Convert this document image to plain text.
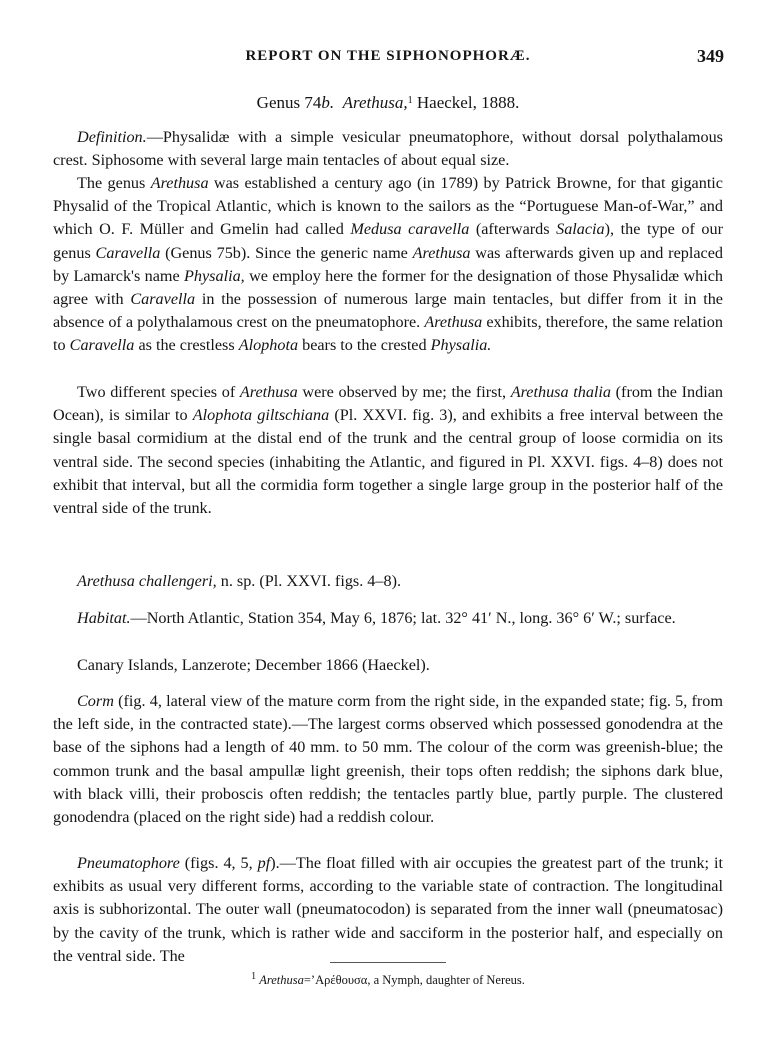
REPORT ON THE SIPHONOPHORÆ.	349
Genus 74b. Arethusa,$^1$ Haeckel, 1888.

Definition.—Physalidæ with a simple vesicular pneumatophore, without dorsal polythalamous crest. Siphosome with several large main tentacles of about equal size.

The genus Arethusa was established a century ago (in 1789) by Patrick Browne, for that gigantic Physalid of the Tropical Atlantic, which is known to the sailors as the “Portuguese Man-of-War,” and which O. F. Müller and Gmelin had called Medusa caravella (afterwards Salacia), the type of our genus Caravella (Genus 75b). Since the generic name Arethusa was afterwards given up and replaced by Lamarck's name Physalia, we employ here the former for the designation of those Physalidæ which agree with Caravella in the possession of numerous large main tentacles, but differ from it in the absence of a polythalamous crest on the pneumatophore. Arethusa exhibits, therefore, the same relation to Caravella as the crestless Alophota bears to the crested Physalia.

Two different species of Arethusa were observed by me; the first, Arethusa thalia (from the Indian Ocean), is similar to Alophota giltschiana (Pl. XXVI. fig. 3), and exhibits a free interval between the single basal cormidium at the distal end of the trunk and the central group of loose cormidia on its ventral side. The second species (inhabiting the Atlantic, and figured in Pl. XXVI. figs. 4–8) does not exhibit that interval, but all the cormidia form together a single large group in the posterior half of the ventral side of the trunk.

Arethusa challengeri, n. sp. (Pl. XXVI. figs. 4–8).

Habitat.—North Atlantic, Station 354, May 6, 1876; lat. 32° 41′ N., long. 36° 6′ W.; surface.

Canary Islands, Lanzerote; December 1866 (Haeckel).

Corm (fig. 4, lateral view of the mature corm from the right side, in the expanded state; fig. 5, from the left side, in the contracted state).—The largest corms observed which possessed gonodendra at the base of the siphons had a length of 40 mm. to 50 mm. The colour of the corm was greenish-blue; the common trunk and the basal ampullæ light greenish, their tops often reddish; the siphons dark blue, with black villi, their proboscis often reddish; the tentacles partly blue, partly purple. The clustered gonodendra (placed on the right side) had a reddish colour.

Pneumatophore (figs. 4, 5, pf).—The float filled with air occupies the greatest part of the trunk; it exhibits as usual very different forms, according to the variable state of contraction. The longitudinal axis is subhorizontal. The outer wall (pneumatocodon) is separated from the inner wall (pneumatosac) by the cavity of the trunk, which is rather wide and sacciform in the posterior half, and especially on the ventral side. The

$^1$ Arethusa=’Αρέθουσα, a Nymph, daughter of Nereus.
